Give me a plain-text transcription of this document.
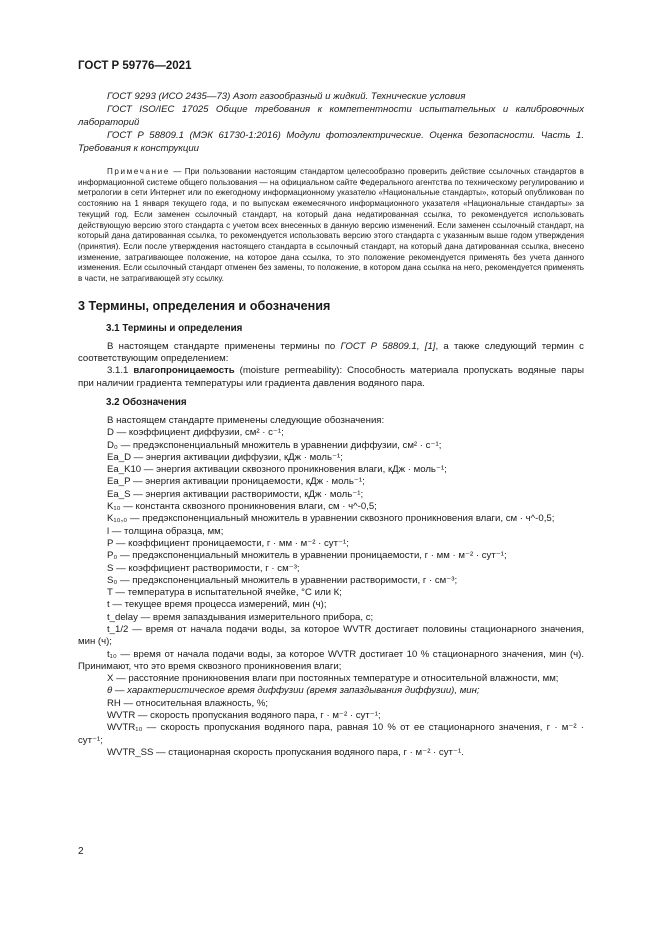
ГОСТ Р 59776—2021

ГОСТ 9293 (ИСО 2435—73) Азот газообразный и жидкий. Технические условия

ГОСТ ISO/IEC 17025 Общие требования к компетентности испытательных и калибровочных лабораторий

ГОСТ Р 58809.1 (МЭК 61730-1:2016) Модули фотоэлектрические. Оценка безопасности. Часть 1. Требования к конструкции

Примечание — При пользовании настоящим стандартом целесообразно проверить действие ссылочных стандартов в информационной системе общего пользования — на официальном сайте Федерального агентства по техническому регулированию и метрологии в сети Интернет или по ежегодному информационному указателю «Национальные стандарты», который опубликован по состоянию на 1 января текущего года, и по выпускам ежемесячного информационного указателя «Национальные стандарты» за текущий год. Если заменен ссылочный стандарт, на который дана недатированная ссылка, то рекомендуется использовать действующую версию этого стандарта с учетом всех внесенных в данную версию изменений. Если заменен ссылочный стандарт, на который дана датированная ссылка, то рекомендуется использовать версию этого стандарта с указанным выше годом утверждения (принятия). Если после утверждения настоящего стандарта в ссылочный стандарт, на который дана датированная ссылка, внесено изменение, затрагивающее положение, на которое дана ссылка, то это положение рекомендуется применять без учета данного изменения. Если ссылочный стандарт отменен без замены, то положение, в котором дана ссылка на него, рекомендуется применять в части, не затрагивающей эту ссылку.
3 Термины, определения и обозначения
3.1 Термины и определения

В настоящем стандарте применены термины по ГОСТ Р 58809.1, [1], а также следующий термин с соответствующим определением:

3.1.1 влагопроницаемость (moisture permeability): Способность материала пропускать водяные пары при наличии градиента температуры или градиента давления водяного пара.

3.2 Обозначения

В настоящем стандарте применены следующие обозначения:

D — коэффициент диффузии, см² · с⁻¹;

D₀ — предэкспоненциальный множитель в уравнении диффузии, см² · с⁻¹;

Ea_D — энергия активации диффузии, кДж · моль⁻¹;

Ea_K10 — энергия активации сквозного проникновения влаги, кДж · моль⁻¹;

Ea_P — энергия активации проницаемости, кДж · моль⁻¹;

Ea_S — энергия активации растворимости, кДж · моль⁻¹;

K₁₀ — константа сквозного проникновения влаги, см · ч^-0,5;

K₁₀,₀ — предэкспоненциальный множитель в уравнении сквозного проникновения влаги, см · ч^-0,5;

l — толщина образца, мм;

P — коэффициент проницаемости, г · мм · м⁻² · сут⁻¹;

P₀ — предэкспоненциальный множитель в уравнении проницаемости, г · мм · м⁻² · сут⁻¹;

S — коэффициент растворимости, г · см⁻³;

S₀ — предэкспоненциальный множитель в уравнении растворимости, г · см⁻³;

T — температура в испытательной ячейке, °С или К;

t — текущее время процесса измерений, мин (ч);

t_delay — время запаздывания измерительного прибора, с;

t_1/2 — время от начала подачи воды, за которое WVTR достигает половины стационарного значения, мин (ч);

t₁₀ — время от начала подачи воды, за которое WVTR достигает 10 % стационарного значения, мин (ч). Принимают, что это время сквозного проникновения влаги;

X — расстояние проникновения влаги при постоянных температуре и относительной влажности, мм;

θ — характеристическое время диффузии (время запаздывания диффузии), мин;

RH — относительная влажность, %;

WVTR — скорость пропускания водяного пара, г · м⁻² · сут⁻¹;

WVTR₁₀ — скорость пропускания водяного пара, равная 10 % от ее стационарного значения, г · м⁻² · сут⁻¹;

WVTR_SS — стационарная скорость пропускания водяного пара, г · м⁻² · сут⁻¹.

2
